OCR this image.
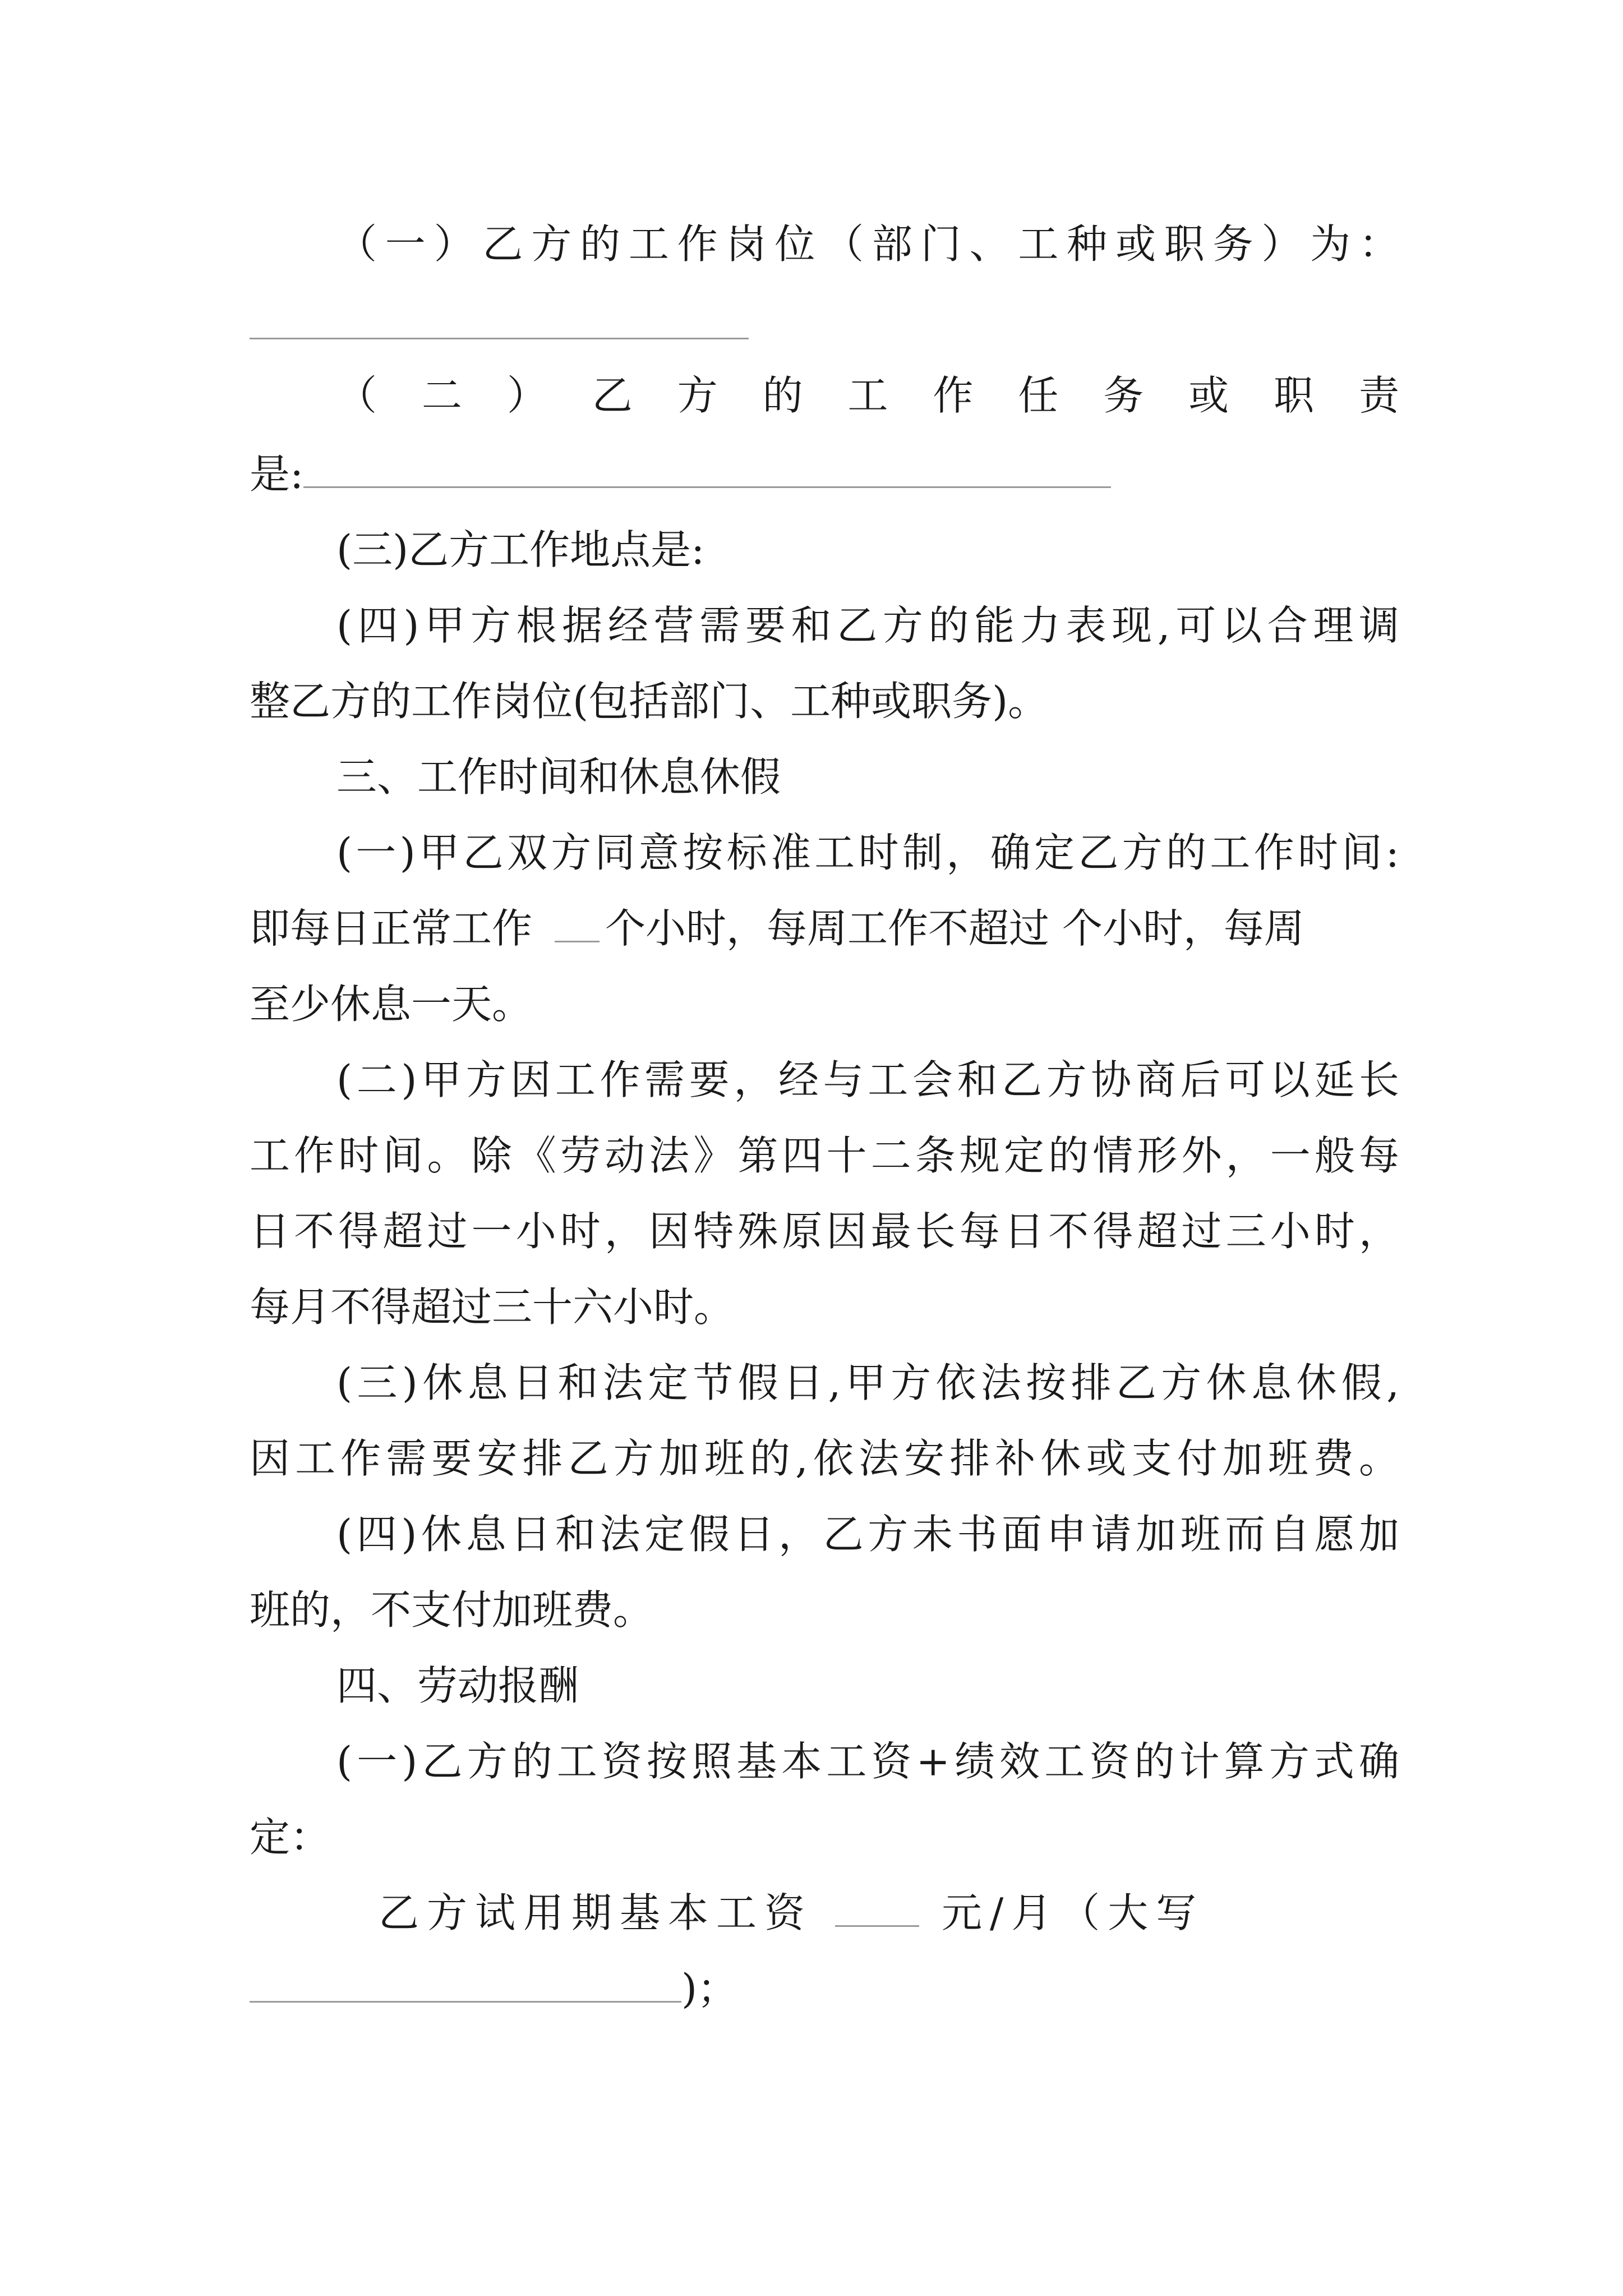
（一）乙方的工作岗位（部门、工种或职务）为：
（ 二 ） 乙 方 的 工 作 任 务 或 职 责
是:
(三)乙方工作地点是:
(四)甲方根据经营需要和乙方的能力表现,可以合理调
整乙方的工作岗位(包括部门、工种或职务)。
三、工作时间和休息休假
(一)甲乙双方同意按标准工时制，确定乙方的工作时间:
即每日正常工作 个小时，每周工作不超过 个小时，每周
至少休息一天。
(二)甲方因工作需要，经与工会和乙方协商后可以延长
工作时间。除《劳动法》第四十二条规定的情形外，一般每
日不得超过一小时，因特殊原因最长每日不得超过三小时，
每月不得超过三十六小时。
(三)休息日和法定节假日,甲方依法按排乙方休息休假,
因工作需要安排乙方加班的,依法安排补休或支付加班费。
(四)休息日和法定假日，乙方未书面申请加班而自愿加
班的，不支付加班费。
四、劳动报酬
(一)乙方的工资按照基本工资+绩效工资的计算方式确
定：
乙方试用期基本工资	元/月（大写
)；
